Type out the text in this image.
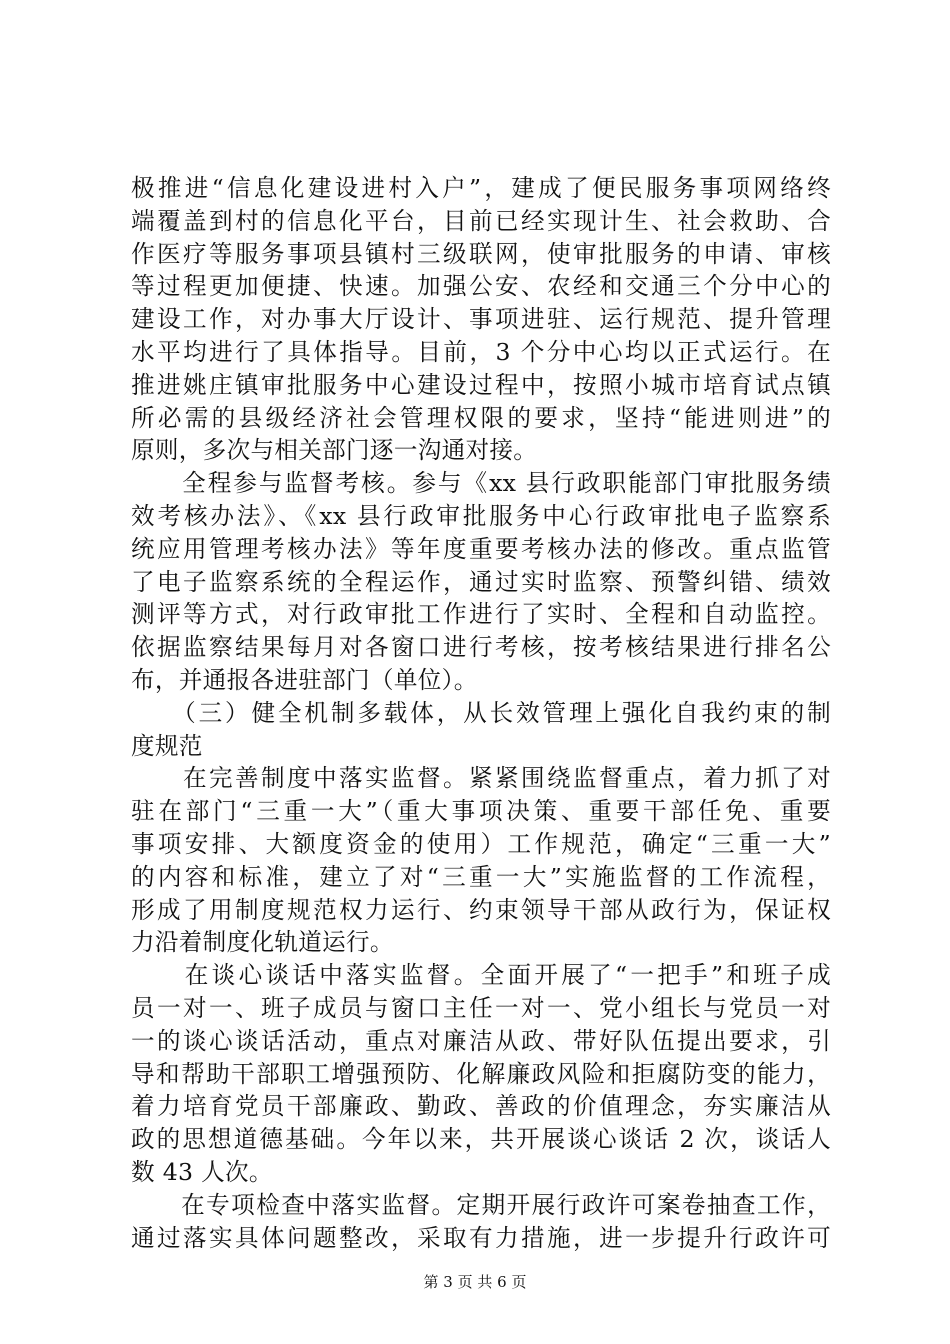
极推进“信息化建设进村入户”，建成了便民服务事项网络终
端覆盖到村的信息化平台，目前已经实现计生、社会救助、合
作医疗等服务事项县镇村三级联网，使审批服务的申请、审核
等过程更加便捷、快速。加强公安、农经和交通三个分中心的
建设工作，对办事大厅设计、事项进驻、运行规范、提升管理
水平均进行了具体指导。目前，3 个分中心均以正式运行。在
推进姚庄镇审批服务中心建设过程中，按照小城市培育试点镇
所必需的县级经济社会管理权限的要求，坚持“能进则进”的
原则，多次与相关部门逐一沟通对接。
　　全程参与监督考核。参与《xx 县行政职能部门审批服务绩
效考核办法》、《xx 县行政审批服务中心行政审批电子监察系
统应用管理考核办法》等年度重要考核办法的修改。重点监管
了电子监察系统的全程运作，通过实时监察、预警纠错、绩效
测评等方式，对行政审批工作进行了实时、全程和自动监控。
依据监察结果每月对各窗口进行考核，按考核结果进行排名公
布，并通报各进驻部门（单位）。
　　（三）健全机制多载体，从长效管理上强化自我约束的制
度规范
　　在完善制度中落实监督。紧紧围绕监督重点，着力抓了对
驻在部门“三重一大”（重大事项决策、重要干部任免、重要
事项安排、大额度资金的使用）工作规范，确定“三重一大”
的内容和标准，建立了对“三重一大”实施监督的工作流程，
形成了用制度规范权力运行、约束领导干部从政行为，保证权
力沿着制度化轨道运行。
　　在谈心谈话中落实监督。全面开展了“一把手”和班子成
员一对一、班子成员与窗口主任一对一、党小组长与党员一对
一的谈心谈话活动，重点对廉洁从政、带好队伍提出要求，引
导和帮助干部职工增强预防、化解廉政风险和拒腐防变的能力，
着力培育党员干部廉政、勤政、善政的价值理念，夯实廉洁从
政的思想道德基础。今年以来，共开展谈心谈话 2 次，谈话人
数 43 人次。
　　在专项检查中落实监督。定期开展行政许可案卷抽查工作，
通过落实具体问题整改，采取有力措施，进一步提升行政许可
第 3 页 共 6 页
